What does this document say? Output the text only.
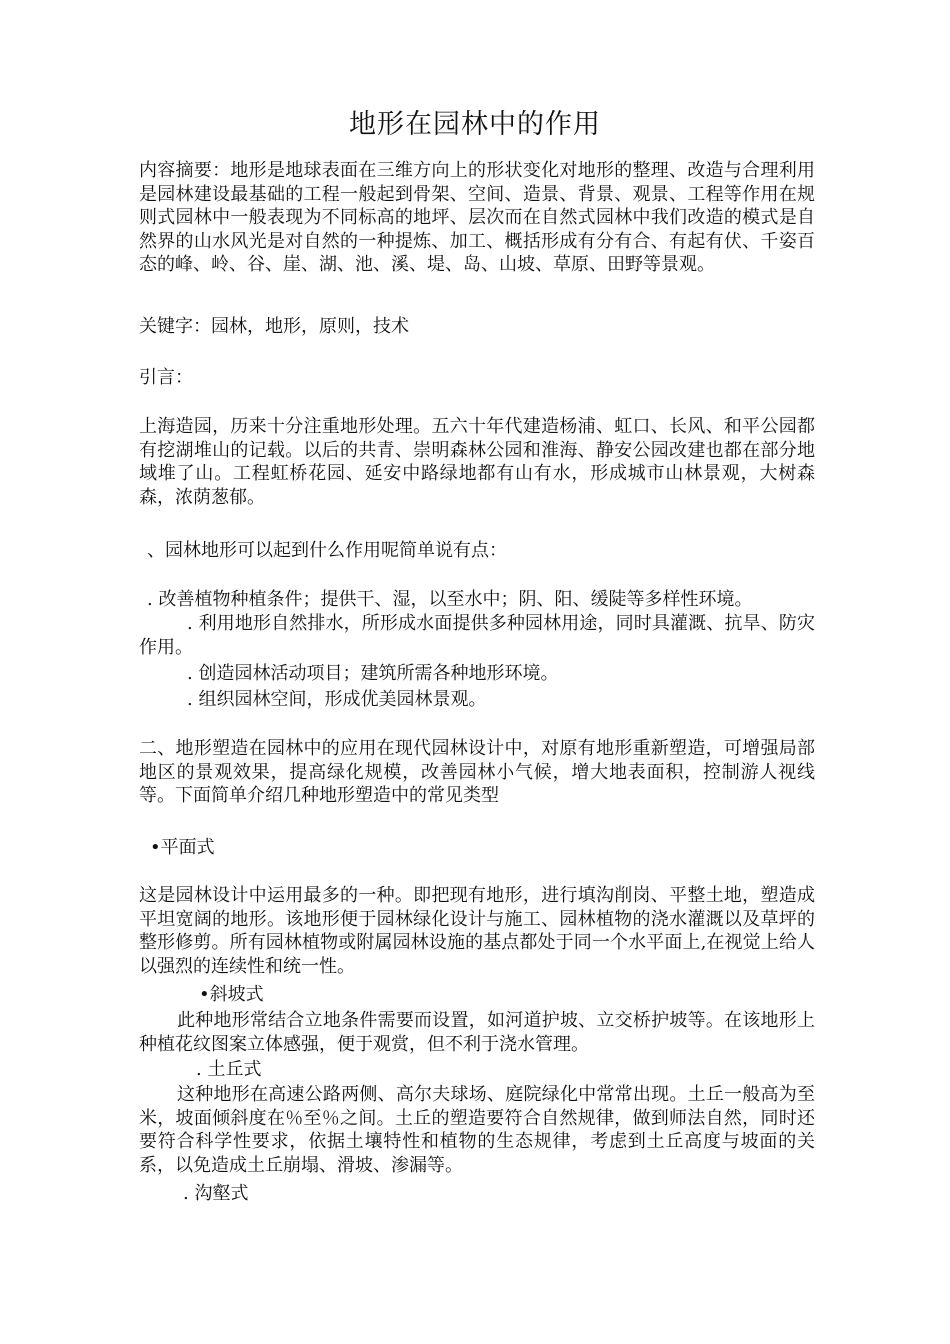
地形在园林中的作用

内容摘要：地形是地球表面在三维方向上的形状变化对地形的整理、改造与合理利用是园林建设最基础的工程一般起到骨架、空间、造景、背景、观景、工程等作用在规则式园林中一般表现为不同标高的地坪、层次而在自然式园林中我们改造的模式是自然界的山水风光是对自然的一种提炼、加工、概括形成有分有合、有起有伏、千姿百态的峰、岭、谷、崖、湖、池、溪、堤、岛、山坡、草原、田野等景观。

关键字：园林，地形，原则，技术

引言：

上海造园，历来十分注重地形处理。五六十年代建造杨浦、虹口、长风、和平公园都有挖湖堆山的记载。以后的共青、崇明森林公园和淮海、静安公园改建也都在部分地域堆了山。工程虹桥花园、延安中路绿地都有山有水，形成城市山林景观，大树森森，浓荫葱郁。

、园林地形可以起到什么作用呢简单说有点：

. 改善植物种植条件；提供干、湿，以至水中；阴、阳、缓陡等多样性环境。

. 利用地形自然排水，所形成水面提供多种园林用途，同时具灌溉、抗旱、防灾作用。

. 创造园林活动项目；建筑所需各种地形环境。

. 组织园林空间，形成优美园林景观。

二、地形塑造在园林中的应用在现代园林设计中，对原有地形重新塑造，可增强局部地区的景观效果，提高绿化规模，改善园林小气候，增大地表面积，控制游人视线等。下面简单介绍几种地形塑造中的常见类型

•平面式

这是园林设计中运用最多的一种。即把现有地形，进行填沟削岗、平整土地，塑造成平坦宽阔的地形。该地形便于园林绿化设计与施工、园林植物的浇水灌溉以及草坪的整形修剪。所有园林植物或附属园林设施的基点都处于同一个水平面上,在视觉上给人以强烈的连续性和统一性。

•斜坡式

此种地形常结合立地条件需要而设置，如河道护坡、立交桥护坡等。在该地形上种植花纹图案立体感强，便于观赏，但不利于浇水管理。

. 土丘式

这种地形在高速公路两侧、高尔夫球场、庭院绿化中常常出现。土丘一般高为至米，坡面倾斜度在％至％之间。土丘的塑造要符合自然规律，做到师法自然，同时还要符合科学性要求，依据土壤特性和植物的生态规律，考虑到土丘高度与坡面的关系，以免造成土丘崩塌、滑坡、渗漏等。

. 沟壑式
